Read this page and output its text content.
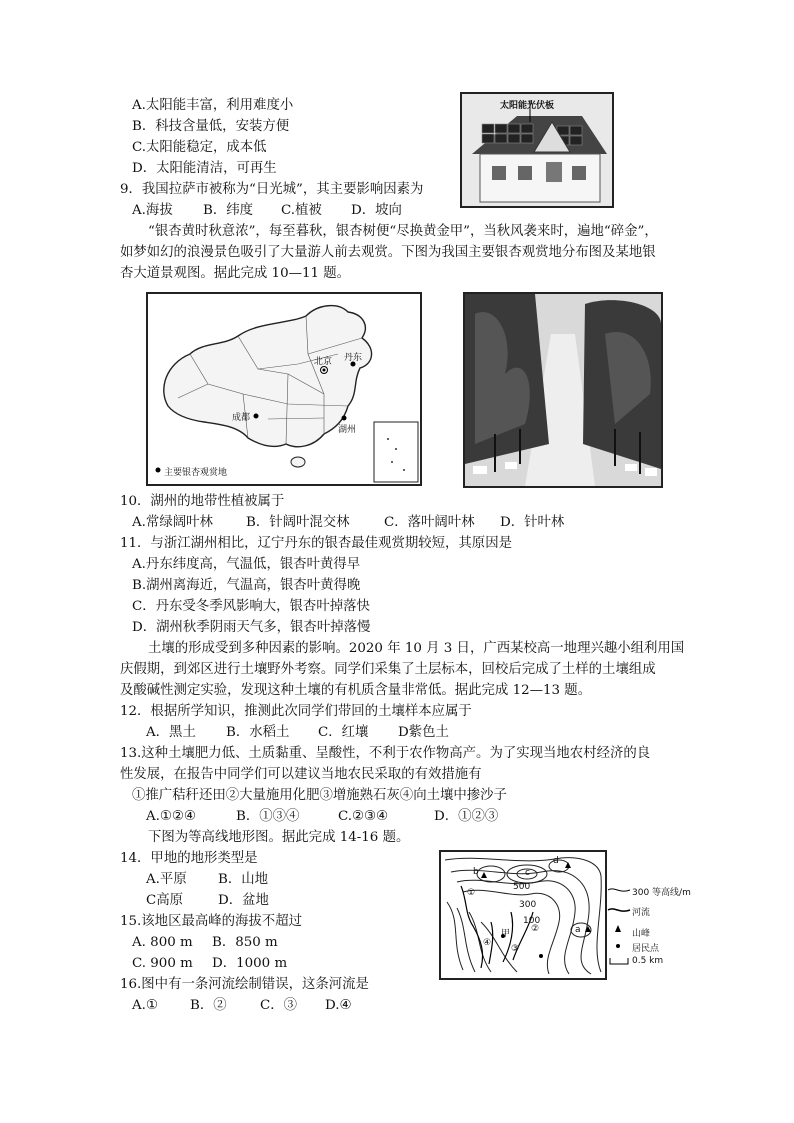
A.太阳能丰富，利用难度小
B．科技含量低，安装方便
C.太阳能稳定，成本低
D．太阳能清洁，可再生
太阳能光伏板
9．我国拉萨市被称为“日光城”，其主要影响因素为
A.海拔 B．纬度 C.植被 D．坡向
“银杏黄时秋意浓”，每至暮秋，银杏树便“尽换黄金甲”，当秋风袭来时，遍地“碎金”，
如梦如幻的浪漫景色吸引了大量游人前去观赏。下图为我国主要银杏观赏地分布图及某地银
杏大道景观图。据此完成 10—11 题。
北京 丹东
成都
湖州
主要银杏观赏地
10．湖州的地带性植被属于
A.常绿阔叶林 B．针阔叶混交林	C．落叶阔叶林 D．针叶林
11．与浙江湖州相比，辽宁丹东的银杏最佳观赏期较短，其原因是
A.丹东纬度高，气温低，银杏叶黄得早
B.湖州离海近，气温高，银杏叶黄得晚
C．丹东受冬季风影响大，银杏叶掉落快
D．湖州秋季阴雨天气多，银杏叶掉落慢
土壤的形成受到多种因素的影响。2020 年 10 月 3 日，广西某校高一地理兴趣小组利用国
庆假期，到郊区进行土壤野外考察。同学们采集了土层标本，回校后完成了土样的土壤组成
及酸碱性测定实验，发现这种土壤的有机质含量非常低。据此完成 12—13 题。
12．根据所学知识，推测此次同学们带回的土壤样本应属于
A．黑土 B．水稻土 C．红壤 D紫色土
13.这种土壤肥力低、土质黏重、呈酸性，不利于农作物高产。为了实现当地农村经济的良
性发展，在报告中同学们可以建议当地农民采取的有效措施有
①推广秸秆还田②大量施用化肥③增施熟石灰④向土壤中掺沙子
A.①②④	B．①③④	C.②③④	D．①②③
下图为等高线地形图。据此完成 14-16 题。
14．甲地的地形类型是
A.平原 B．山地
C高原	D．盆地
15.该地区最高峰的海拔不超过
A. 800 m B．850 m
C. 900 m D．1000 m
16.图中有一条河流绘制错误，这条河流是
A.① B．② C．③ D.④
b	c
d
a
500
300
100
甲
①
②
③
④
300 等高线/m
河流
山峰
居民点
0.5 km
